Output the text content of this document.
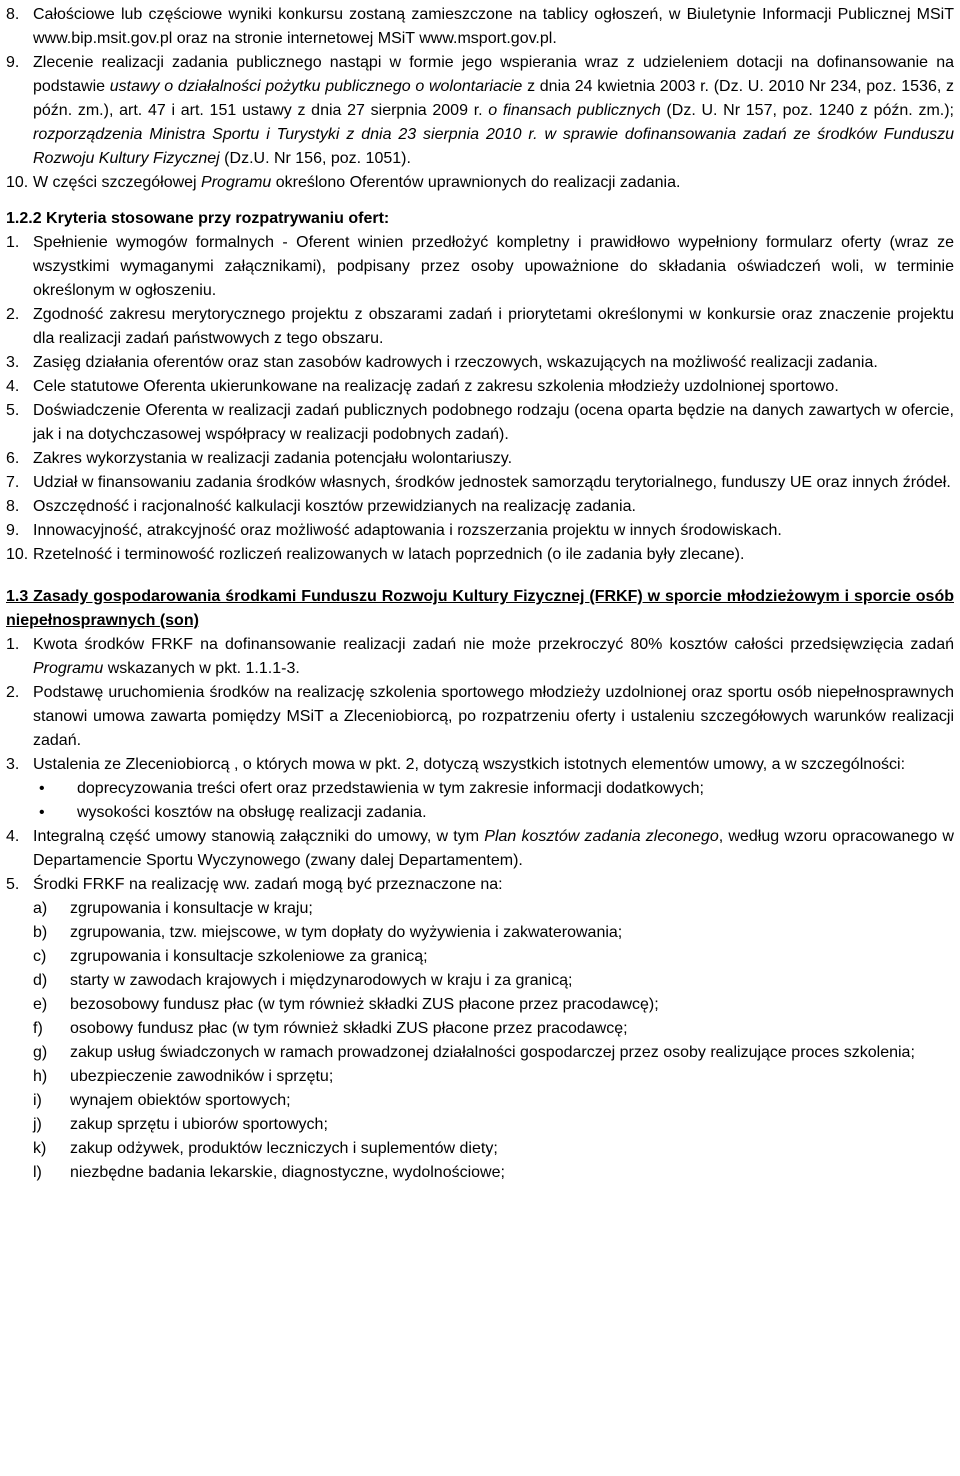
8. Całościowe lub częściowe wyniki konkursu zostaną zamieszczone na tablicy ogłoszeń, w Biuletynie Informacji Publicznej MSiT www.bip.msit.gov.pl oraz na stronie internetowej MSiT www.msport.gov.pl.
9. Zlecenie realizacji zadania publicznego nastąpi w formie jego wspierania wraz z udzieleniem dotacji na dofinansowanie na podstawie ustawy o działalności pożytku publicznego o wolontariacie z dnia 24 kwietnia 2003 r. (Dz. U. 2010 Nr 234, poz. 1536, z późn. zm.), art. 47 i art. 151 ustawy z dnia 27 sierpnia 2009 r. o finansach publicznych (Dz. U. Nr 157, poz. 1240 z późn. zm.); rozporządzenia Ministra Sportu i Turystyki z dnia 23 sierpnia 2010 r. w sprawie dofinansowania zadań ze środków Funduszu Rozwoju Kultury Fizycznej (Dz.U. Nr 156, poz. 1051).
10. W części szczegółowej Programu określono Oferentów uprawnionych do realizacji zadania.
1.2.2 Kryteria stosowane przy rozpatrywaniu ofert:
1. Spełnienie wymogów formalnych - Oferent winien przedłożyć kompletny i prawidłowo wypełniony formularz oferty (wraz ze wszystkimi wymaganymi załącznikami), podpisany przez osoby upoważnione do składania oświadczeń woli, w terminie określonym w ogłoszeniu.
2. Zgodność zakresu merytorycznego projektu z obszarami zadań i priorytetami określonymi w konkursie oraz znaczenie projektu dla realizacji zadań państwowych z tego obszaru.
3. Zasięg działania oferentów oraz stan zasobów kadrowych i rzeczowych, wskazujących na możliwość realizacji zadania.
4. Cele statutowe Oferenta ukierunkowane na realizację zadań z zakresu szkolenia młodzieży uzdolnionej sportowo.
5. Doświadczenie Oferenta w realizacji zadań publicznych podobnego rodzaju (ocena oparta będzie na danych zawartych w ofercie, jak i na dotychczasowej współpracy w realizacji podobnych zadań).
6. Zakres wykorzystania w realizacji zadania potencjału wolontariuszy.
7. Udział w finansowaniu zadania środków własnych, środków jednostek samorządu terytorialnego, funduszy UE oraz innych źródeł.
8. Oszczędność i racjonalność kalkulacji kosztów przewidzianych na realizację zadania.
9. Innowacyjność, atrakcyjność oraz możliwość adaptowania i rozszerzania projektu w innych środowiskach.
10. Rzetelność i terminowość rozliczeń realizowanych w latach poprzednich (o ile zadania były zlecane).
1.3 Zasady gospodarowania środkami Funduszu Rozwoju Kultury Fizycznej (FRKF) w sporcie młodzieżowym i sporcie osób niepełnosprawnych (son)
1. Kwota środków FRKF na dofinansowanie realizacji zadań nie może przekroczyć 80% kosztów całości przedsięwzięcia zadań Programu wskazanych w pkt. 1.1.1-3.
2. Podstawę uruchomienia środków na realizację szkolenia sportowego młodzieży uzdolnionej oraz sportu osób niepełnosprawnych stanowi umowa zawarta pomiędzy MSiT a Zleceniobiorcą, po rozpatrzeniu oferty i ustaleniu szczegółowych warunków realizacji zadań.
3. Ustalenia ze Zleceniobiorcą , o których mowa w pkt. 2, dotyczą wszystkich istotnych elementów umowy, a w szczególności:
•	doprecyzowania treści ofert oraz przedstawienia w tym zakresie informacji dodatkowych;
•	wysokości kosztów na obsługę realizacji zadania.
4. Integralną część umowy stanowią załączniki do umowy, w tym Plan kosztów zadania zleconego, według wzoru opracowanego w Departamencie Sportu Wyczynowego (zwany dalej Departamentem).
5. Środki FRKF na realizację ww. zadań mogą być przeznaczone na:
a)	zgrupowania i konsultacje w kraju;
b)	zgrupowania, tzw. miejscowe, w tym dopłaty do wyżywienia i zakwaterowania;
c)	zgrupowania i konsultacje szkoleniowe za granicą;
d)	starty w zawodach krajowych i międzynarodowych w kraju i za granicą;
e)	bezosobowy fundusz płac (w tym również składki ZUS płacone przez pracodawcę);
f)	osobowy fundusz płac (w tym również składki ZUS płacone przez pracodawcę;
g)	zakup usług świadczonych w ramach prowadzonej działalności gospodarczej przez osoby realizujące proces szkolenia;
h)	ubezpieczenie zawodników i sprzętu;
i)	wynajem obiektów sportowych;
j)	zakup sprzętu i ubiorów sportowych;
k)	zakup odżywek, produktów leczniczych i suplementów diety;
l)	niezbędne badania lekarskie, diagnostyczne, wydolnościowe;
